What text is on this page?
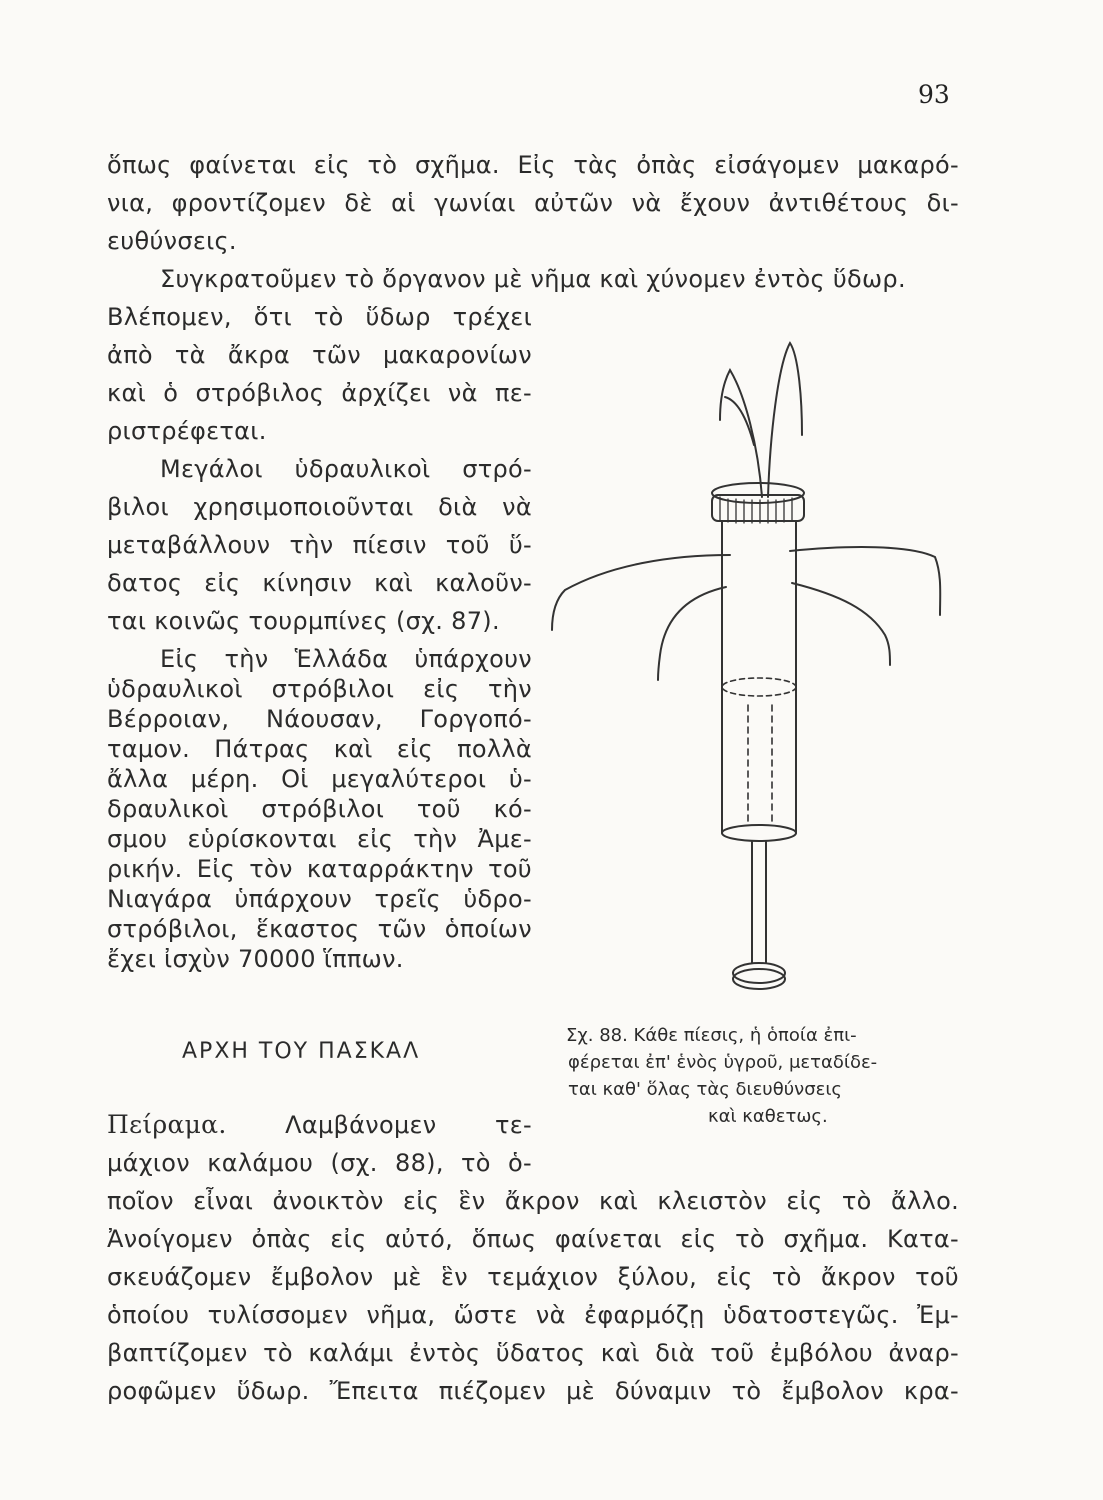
93
ὅπως φαίνεται εἰς τὸ σχῆμα. Εἰς τὰς ὀπὰς εἰσάγομεν μακαρό-
νια, φροντίζομεν δὲ αἱ γωνίαι αὐτῶν νὰ ἔχουν ἀντιθέτους δι-
ευθύνσεις.
Συγκρατοῦμεν τὸ ὄργανον μὲ νῆμα καὶ χύνομεν ἐντὸς ὕδωρ.
Βλέπομεν, ὅτι τὸ ὕδωρ τρέχει
ἀπὸ τὰ ἄκρα τῶν μακαρονίων
καὶ ὁ στρόβιλος ἀρχίζει νὰ πε-
ριστρέφεται.
Μεγάλοι ὑδραυλικοὶ στρό-
βιλοι χρησιμοποιοῦνται διὰ νὰ
μεταβάλλουν τὴν πίεσιν τοῦ ὕ-
δατος εἰς κίνησιν καὶ καλοῦν-
ται κοινῶς τουρμπίνες (σχ. 87).
Εἰς τὴν Ἑλλάδα ὑπάρχουν
ὑδραυλικοὶ στρόβιλοι εἰς τὴν
Βέρροιαν, Νάουσαν, Γοργοπό-
ταμον. Πάτρας καὶ εἰς πολλὰ
ἄλλα μέρη. Οἱ μεγαλύτεροι ὑ-
δραυλικοὶ στρόβιλοι τοῦ κό-
σμου εὑρίσκονται εἰς τὴν Ἀμε-
ρικήν. Εἰς τὸν καταρράκτην τοῦ
Νιαγάρα ὑπάρχουν τρεῖς ὑδρο-
στρόβιλοι, ἕκαστος τῶν ὁποίων
ΑΡΧΗ ΤΟΥ ΠΑΣΚΑΛ
Πείραμα. Λαμβάνομεν τε-
μάχιον καλάμου (σχ. 88), τὸ ὁ-
ποῖον εἶναι ἀνοικτὸν εἰς ἓν ἄκρον καὶ κλειστὸν εἰς τὸ ἄλλο.
Ἀνοίγομεν ὀπὰς εἰς αὐτό, ὅπως φαίνεται εἰς τὸ σχῆμα. Κατα-
σκευάζομεν ἔμβολον μὲ ἓν τεμάχιον ξύλου, εἰς τὸ ἄκρον τοῦ
ὁποίου τυλίσσομεν νῆμα, ὥστε νὰ ἐφαρμόζῃ ὑδατοστεγῶς. Ἐμ-
βαπτίζομεν τὸ καλάμι ἐντὸς ὕδατος καὶ διὰ τοῦ ἐμβόλου ἀναρ-
ροφῶμεν ὕδωρ. Ἔπειτα πιέζομεν μὲ δύναμιν τὸ ἔμβολον κρα-
Σχ. 88. Κάθε πίεσις, ἡ ὁποία ἐπι-
φέρεται ἐπ' ἑνὸς ὑγροῦ, μεταδίδε-
ται καθ' ὅλας τὰς διευθύνσεις
καὶ καθετως.
ἔχει ἰσχὺν 70000 ἵππων.
